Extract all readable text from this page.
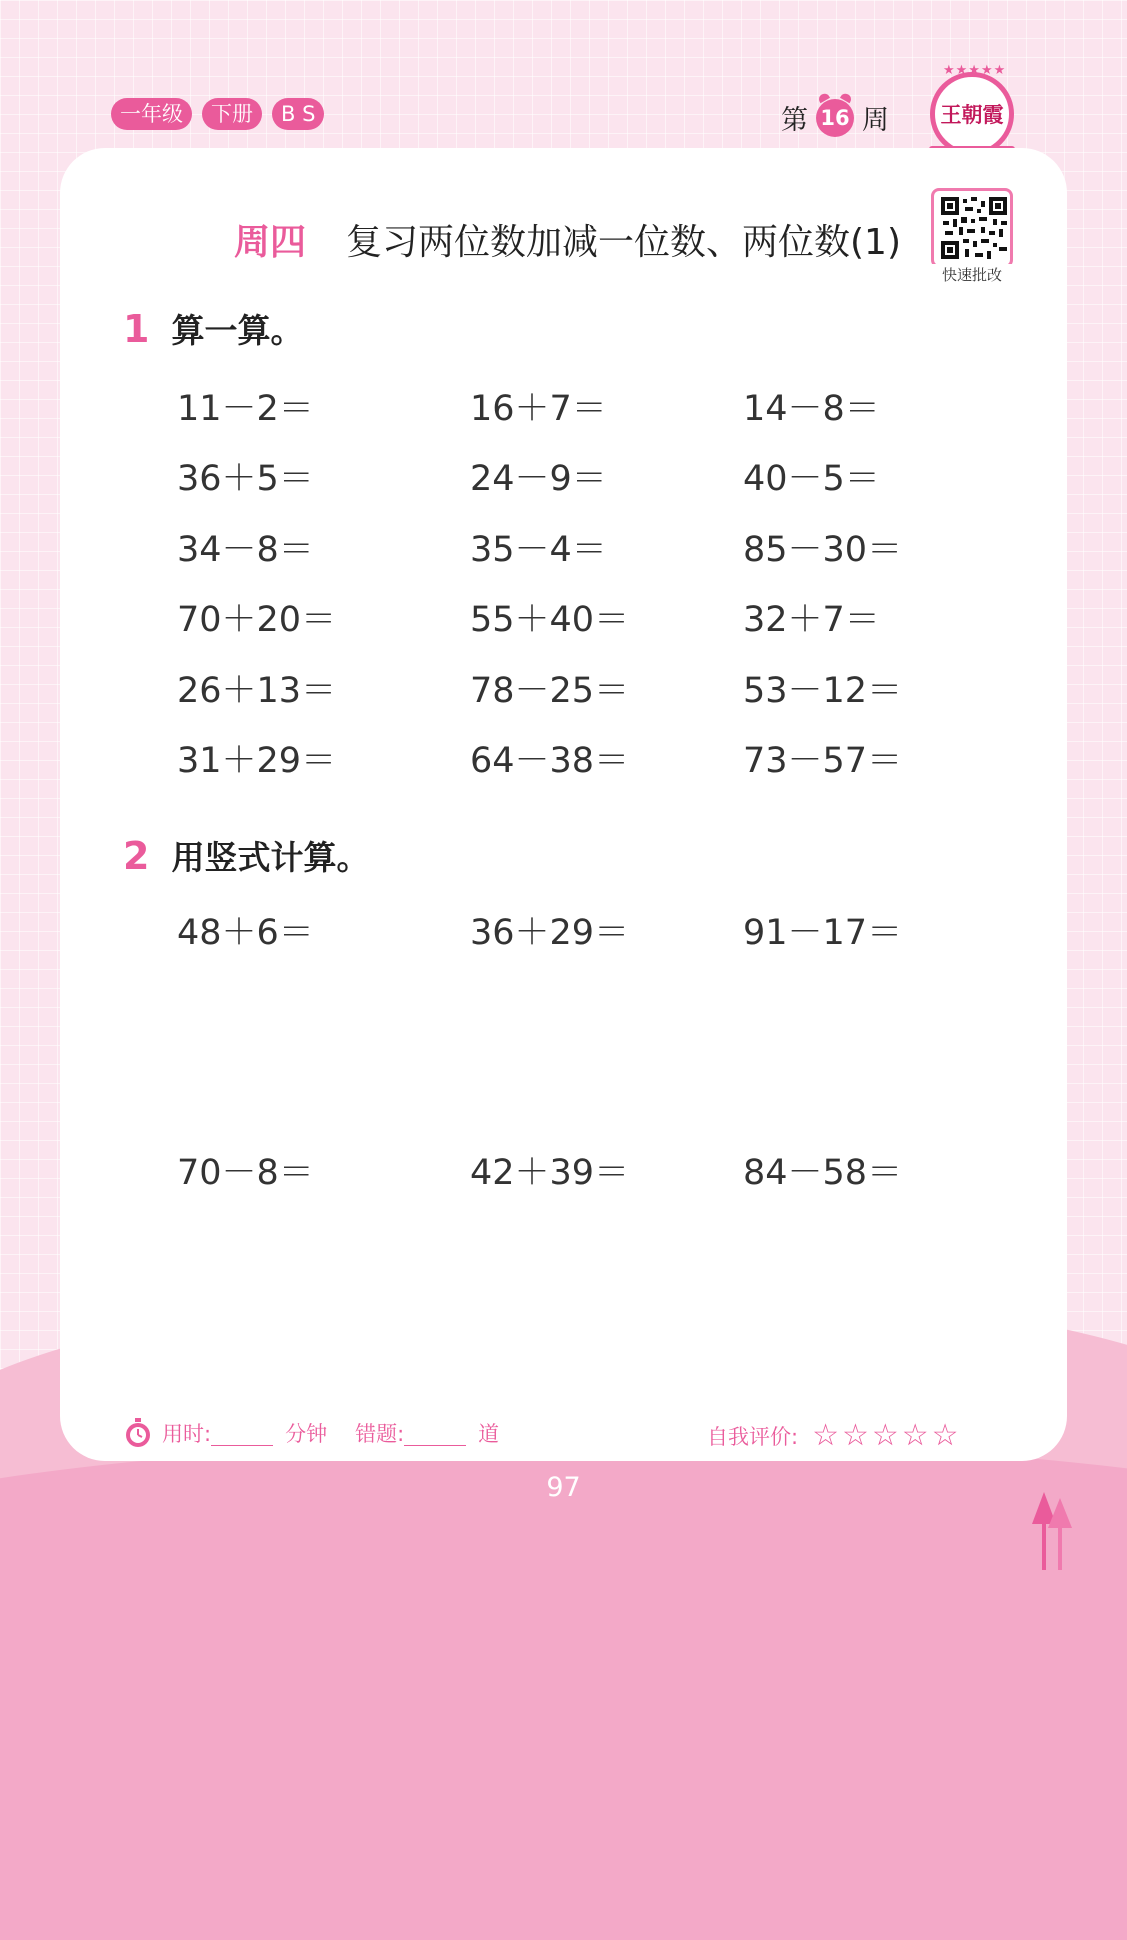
一年级	下册	B S	第 16 周
★★★★★
王朝霞
周四 复习两位数加减一位数、两位数(1)
快速批改
1 算一算。
11－2＝	16＋7＝	14－8＝
36＋5＝	24－9＝	40－5＝
34－8＝	35－4＝	85－30＝
70＋20＝	55＋40＝	32＋7＝
26＋13＝	78－25＝	53－12＝
31＋29＝	64－38＝	73－57＝
2 用竖式计算。
48＋6＝	36＋29＝	91－17＝
70－8＝	42＋39＝	84－58＝
用时:	分钟 错题:	道	自我评价: ☆☆☆☆☆
97
